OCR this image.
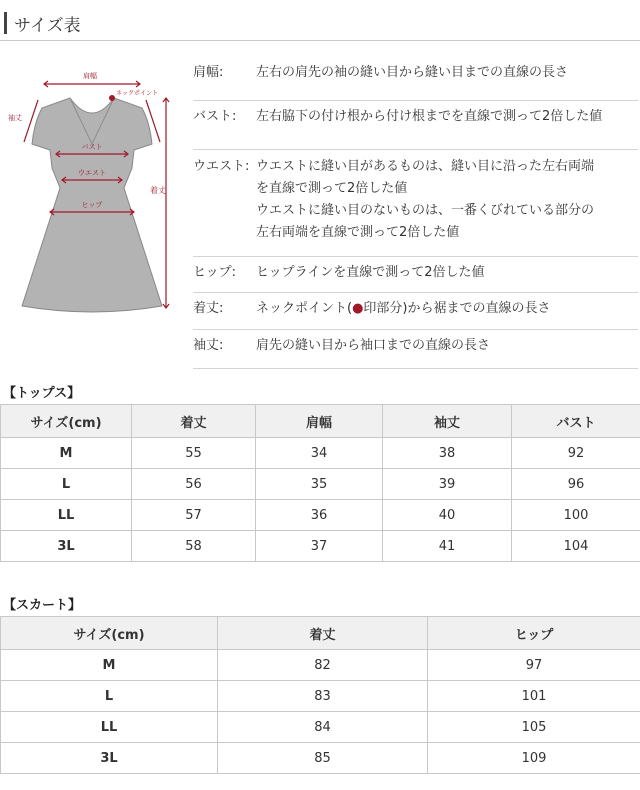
サイズ表
肩幅
ネックポイント
袖丈
着丈
バスト
ウエスト
ヒップ
肩幅:	左右の肩先の袖の縫い目から縫い目までの直線の長さ
バスト: 左右脇下の付け根から付け根までを直線で測って2倍した値
ウエスト: ウエストに縫い目があるものは、縫い目に沿った左右両端
を直線で測って2倍した値
ウエストに縫い目のないものは、一番くびれている部分の
左右両端を直線で測って2倍した値
ヒップ: ヒップラインを直線で測って2倍した値
着丈:	ネックポイント(●印部分)から裾までの直線の長さ
袖丈:	肩先の縫い目から袖口までの直線の長さ
【トップス】
サイズ(cm)	着丈	肩幅	袖丈	バスト
M	55	34	38	92
L	56	35	39	96
LL	57	36	40	100
3L	58	37	41	104
【スカート】
サイズ(cm)	着丈	ヒップ
M	82	97
L	83	101
LL	84	105
3L	85	109
